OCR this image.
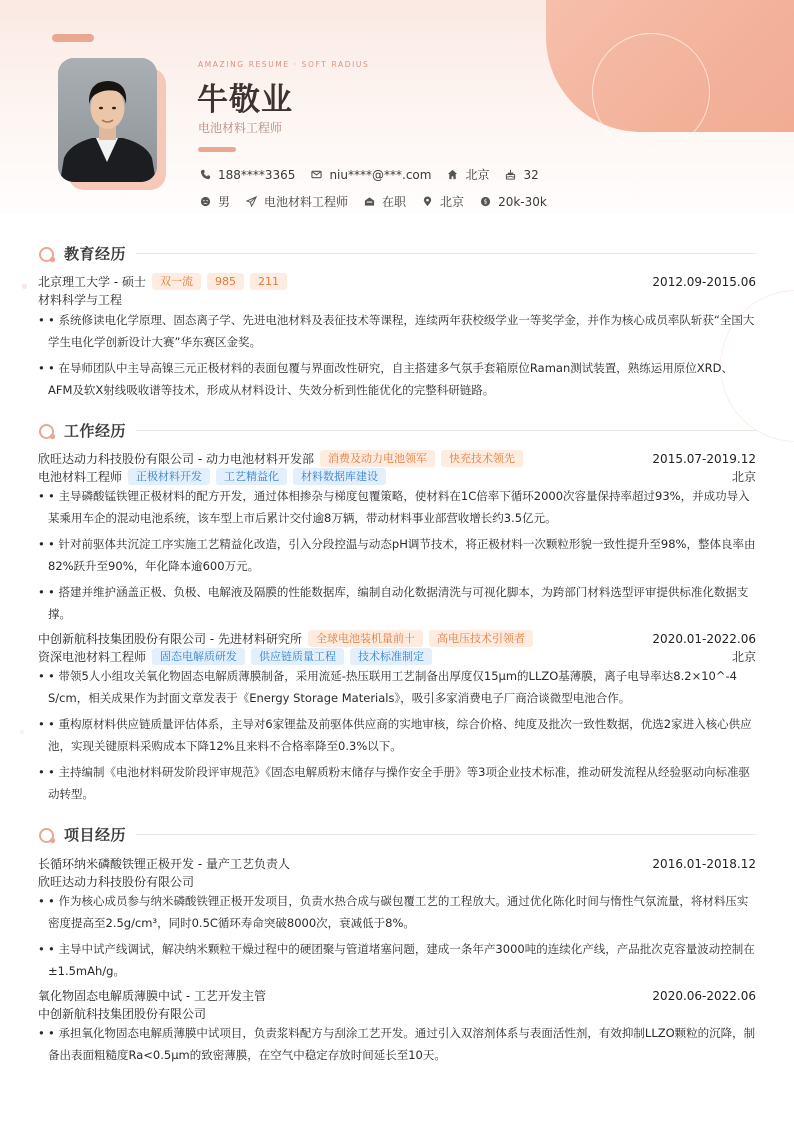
AMAZING RESUME · SOFT RADIUS
牛敬业
电池材料工程师
188****3365	niu****@***.com	北京	32
男	电池材料工程师	在职	北京	$ 20k-30k
教育经历
北京理工大学 - 硕士	双一流	985	211	2012.09-2015.06
材料科学与工程
• • 系统修读电化学原理、固态离子学、先进电池材料及表征技术等课程，连续两年获校级学业一等奖学金，并作为核心成员率队斩获“全国大学生电化学创新设计大赛”华东赛区金奖。
• • 在导师团队中主导高镍三元正极材料的表面包覆与界面改性研究，自主搭建多气氛手套箱原位Raman测试装置，熟练运用原位XRD、AFM及软X射线吸收谱等技术，形成从材料设计、失效分析到性能优化的完整科研链路。
工作经历
欣旺达动力科技股份有限公司 - 动力电池材料开发部	消费及动力电池领军	快充技术领先	2015.07-2019.12
电池材料工程师	正极材料开发	工艺精益化	材料数据库建设	北京
• • 主导磷酸锰铁锂正极材料的配方开发，通过体相掺杂与梯度包覆策略，使材料在1C倍率下循环2000次容量保持率超过93%，并成功导入某乘用车企的混动电池系统，该车型上市后累计交付逾8万辆，带动材料事业部营收增长约3.5亿元。
• • 针对前驱体共沉淀工序实施工艺精益化改造，引入分段控温与动态pH调节技术，将正极材料一次颗粒形貌一致性提升至98%，整体良率由82%跃升至90%，年化降本逾600万元。
• • 搭建并维护涵盖正极、负极、电解液及隔膜的性能数据库，编制自动化数据清洗与可视化脚本，为跨部门材料选型评审提供标准化数据支撑。
中创新航科技集团股份有限公司 - 先进材料研究所	全球电池装机量前十	高电压技术引领者	2020.01-2022.06
资深电池材料工程师	固态电解质研发	供应链质量工程	技术标准制定	北京
• • 带领5人小组攻关氧化物固态电解质薄膜制备，采用流延-热压联用工艺制备出厚度仅15μm的LLZO基薄膜，离子电导率达8.2×10^-4 S/cm，相关成果作为封面文章发表于《Energy Storage Materials》，吸引多家消费电子厂商洽谈微型电池合作。
• • 重构原材料供应链质量评估体系，主导对6家锂盐及前驱体供应商的实地审核，综合价格、纯度及批次一致性数据，优选2家进入核心供应池，实现关键原料采购成本下降12%且来料不合格率降至0.3%以下。
• • 主持编制《电池材料研发阶段评审规范》《固态电解质粉末储存与操作安全手册》等3项企业技术标准，推动研发流程从经验驱动向标准驱动转型。
项目经历
长循环纳米磷酸铁锂正极开发 - 量产工艺负责人	2016.01-2018.12
欣旺达动力科技股份有限公司
• • 作为核心成员参与纳米磷酸铁锂正极开发项目，负责水热合成与碳包覆工艺的工程放大。通过优化陈化时间与惰性气氛流量，将材料压实密度提高至2.5g/cm³，同时0.5C循环寿命突破8000次，衰减低于8%。
• • 主导中试产线调试，解决纳米颗粒干燥过程中的硬团聚与管道堵塞问题，建成一条年产3000吨的连续化产线，产品批次克容量波动控制在±1.5mAh/g。
氧化物固态电解质薄膜中试 - 工艺开发主管	2020.06-2022.06
中创新航科技集团股份有限公司
• • 承担氧化物固态电解质薄膜中试项目，负责浆料配方与刮涂工艺开发。通过引入双溶剂体系与表面活性剂，有效抑制LLZO颗粒的沉降，制备出表面粗糙度Ra<0.5μm的致密薄膜，在空气中稳定存放时间延长至10天。
